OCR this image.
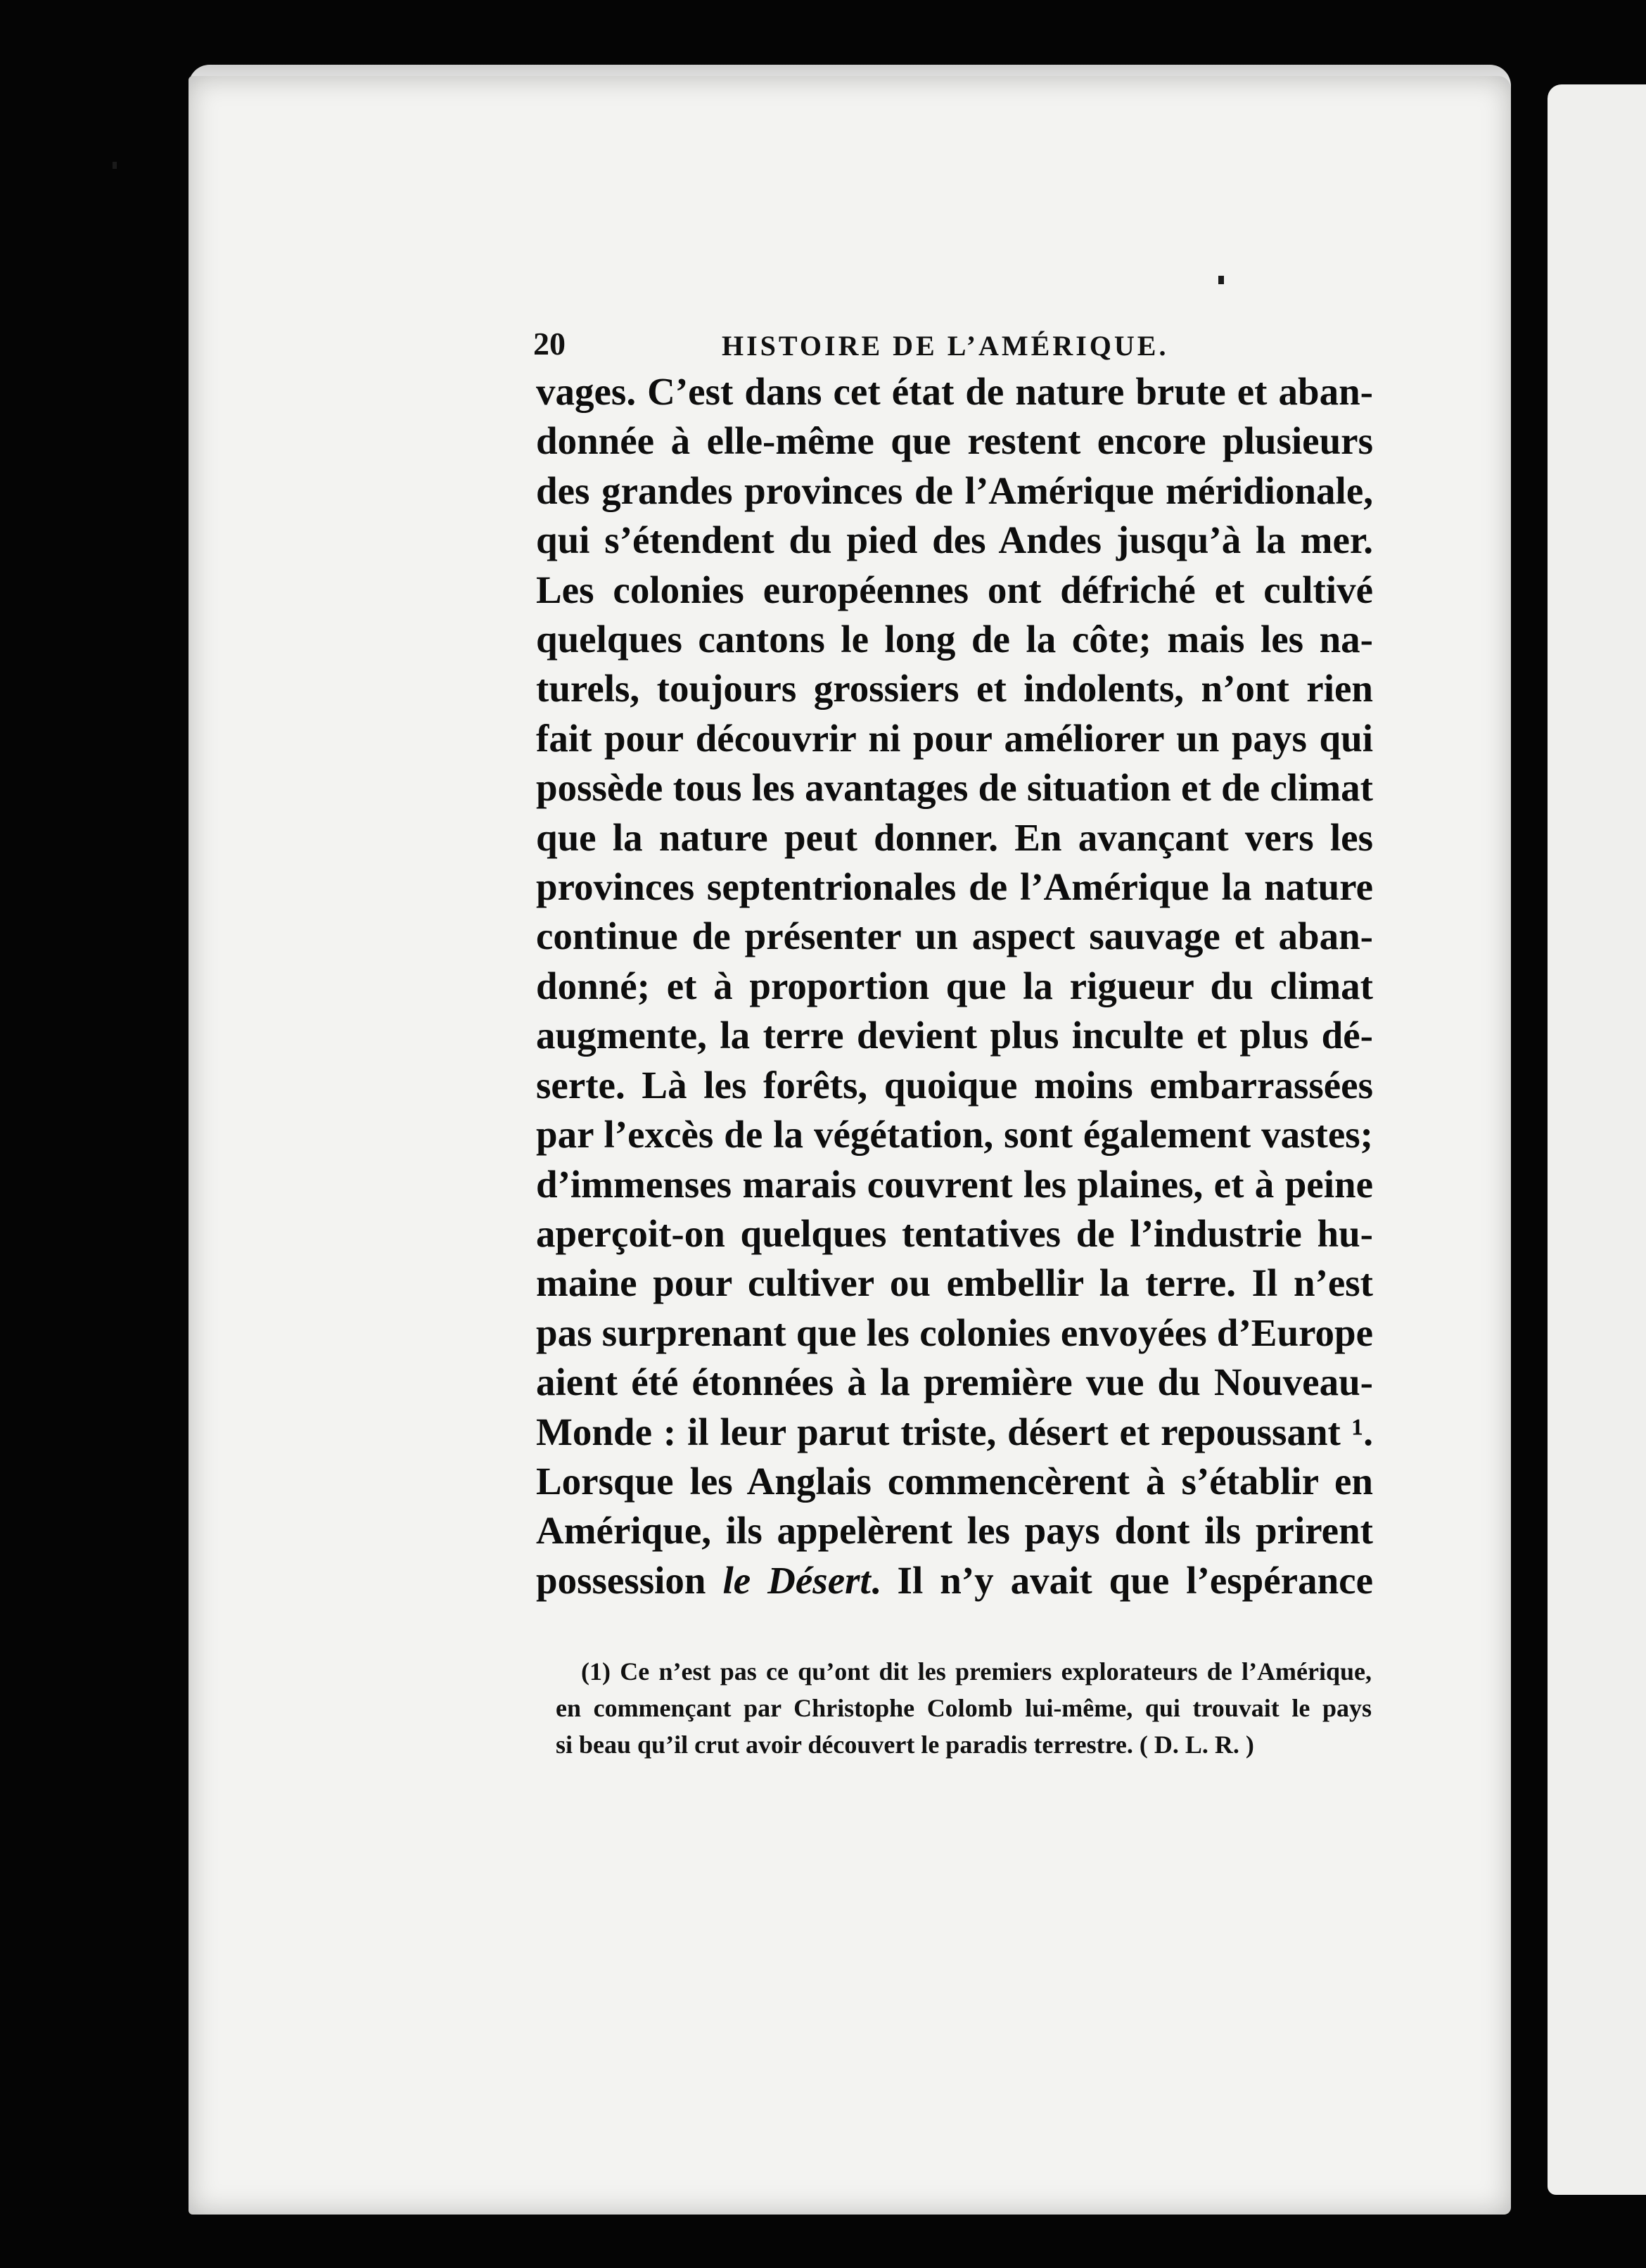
20	HISTOIRE DE L’AMÉRIQUE.
vages. C’est dans cet état de nature brute et aban-
donnée à elle-même que restent encore plusieurs
des grandes provinces de l’Amérique méridionale,
qui s’étendent du pied des Andes jusqu’à la mer.
Les colonies européennes ont défriché et cultivé
quelques cantons le long de la côte; mais les na-
turels, toujours grossiers et indolents, n’ont rien
fait pour découvrir ni pour améliorer un pays qui
possède tous les avantages de situation et de climat
que la nature peut donner. En avançant vers les
provinces septentrionales de l’Amérique la nature
continue de présenter un aspect sauvage et aban-
donné; et à proportion que la rigueur du climat
augmente, la terre devient plus inculte et plus dé-
serte. Là les forêts, quoique moins embarrassées
par l’excès de la végétation, sont également vastes;
d’immenses marais couvrent les plaines, et à peine
aperçoit-on quelques tentatives de l’industrie hu-
maine pour cultiver ou embellir la terre. Il n’est
pas surprenant que les colonies envoyées d’Europe
aient été étonnées à la première vue du Nouveau-
Monde : il leur parut triste, désert et repoussant ¹.
Lorsque les Anglais commencèrent à s’établir en
Amérique, ils appelèrent les pays dont ils prirent
possession le Désert. Il n’y avait que l’espérance
(1) Ce n’est pas ce qu’ont dit les premiers explorateurs de l’Amérique,
en commençant par Christophe Colomb lui-même, qui trouvait le pays
si beau qu’il crut avoir découvert le paradis terrestre. ( D. L. R. )
